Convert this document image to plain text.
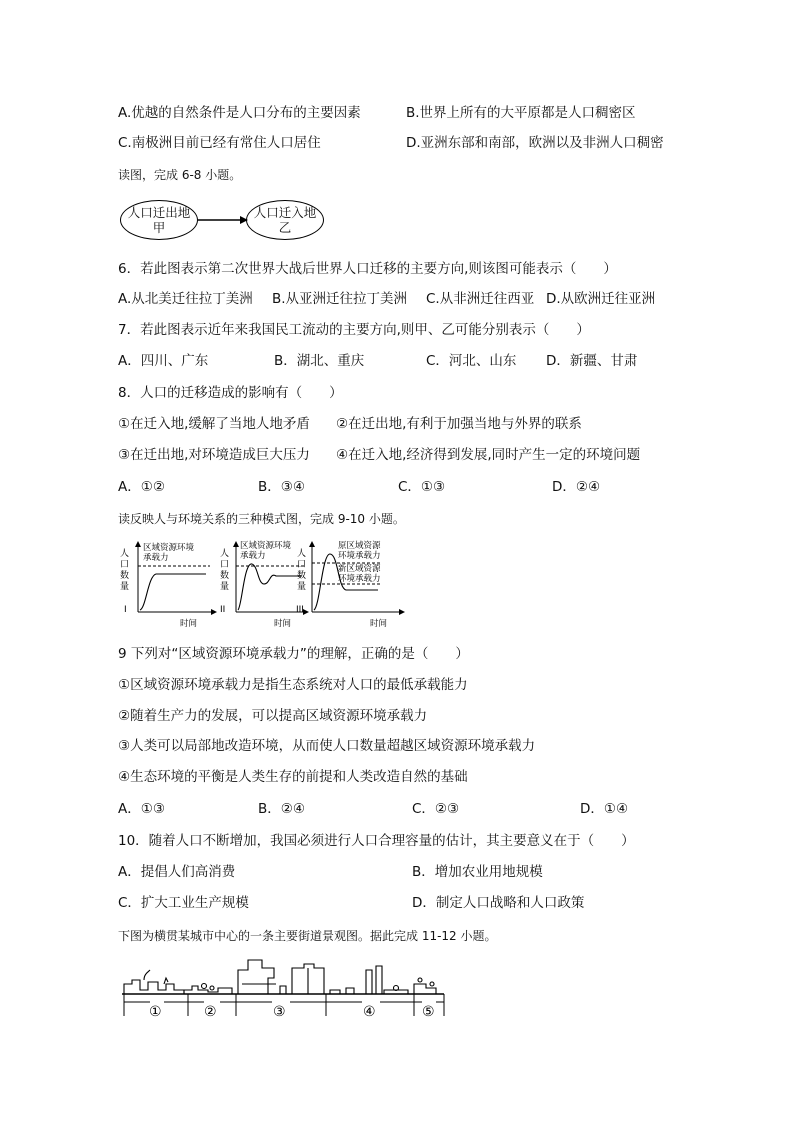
A.优越的自然条件是人口分布的主要因素	B.世界上所有的大平原都是人口稠密区
C.南极洲目前已经有常住人口居住	D.亚洲东部和南部，欧洲以及非洲人口稠密
读图，完成 6-8 小题。
人口迁出地
甲
人口迁入地
乙
6．若此图表示第二次世界大战后世界人口迁移的主要方向,则该图可能表示（　　）
A.从北美迁往拉丁美洲 B.从亚洲迁往拉丁美洲 C.从非洲迁往西亚 D.从欧洲迁往亚洲
7．若此图表示近年来我国民工流动的主要方向,则甲、乙可能分别表示（　　）
A．四川、广东	B．湖北、重庆	C．河北、山东 D．新疆、甘肃
8．人口的迁移造成的影响有（　　）
①在迁入地,缓解了当地人地矛盾 ②在迁出地,有利于加强当地与外界的联系
③在迁出地,对环境造成巨大压力 ④在迁入地,经济得到发展,同时产生一定的环境问题
A．①②	B．③④	C．①③	D．②④
读反映人与环境关系的三种模式图，完成 9-10 小题。
人
口
数
量
区域资源环境
承载力
I
时间
人
口
数
量
区域资源环境
承载力
II
时间
人
口
数
量
原区域资源
环境承载力
新区域资源
环境承载力
III
时间
9 下列对“区域资源环境承载力”的理解，正确的是（　　）
①区域资源环境承载力是指生态系统对人口的最低承载能力
②随着生产力的发展，可以提高区域资源环境承载力
③人类可以局部地改造环境，从而使人口数量超越区域资源环境承载力
④生态环境的平衡是人类生存的前提和人类改造自然的基础
A．①③	B．②④	C．②③	D．①④
10．随着人口不断增加，我国必须进行人口合理容量的估计，其主要意义在于（　　）
A．提倡人们高消费	B．增加农业用地规模
C．扩大工业生产规模	D．制定人口战略和人口政策
下图为横贯某城市中心的一条主要街道景观图。据此完成 11-12 小题。
①	②	③	④	⑤
